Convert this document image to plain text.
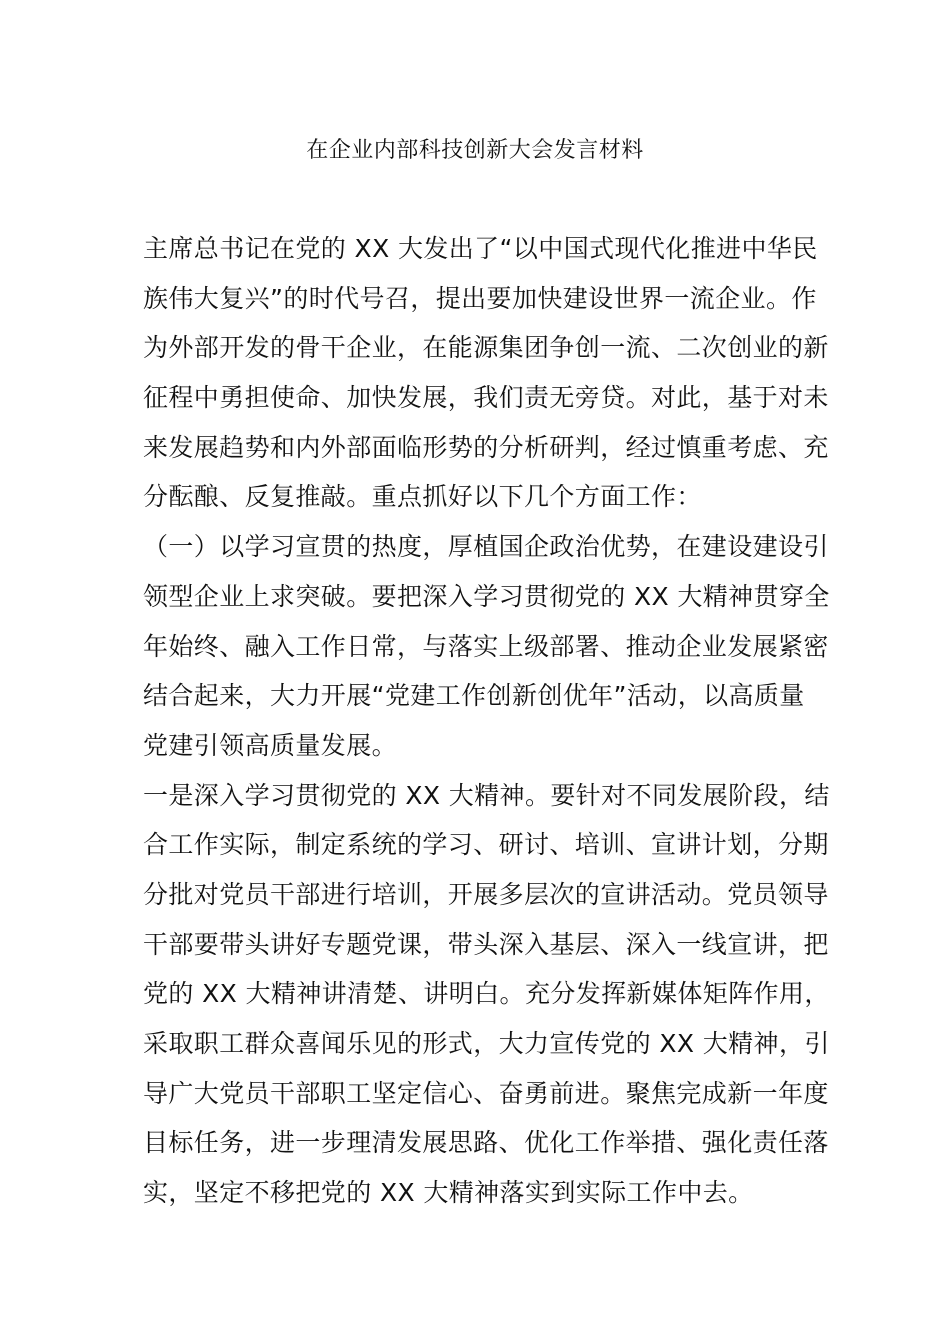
在企业内部科技创新大会发言材料
主席总书记在党的 XX 大发出了“以中国式现代化推进中华民
族伟大复兴”的时代号召，提出要加快建设世界一流企业。作
为外部开发的骨干企业，在能源集团争创一流、二次创业的新
征程中勇担使命、加快发展，我们责无旁贷。对此，基于对未
来发展趋势和内外部面临形势的分析研判，经过慎重考虑、充
分酝酿、反复推敲。重点抓好以下几个方面工作：
（一）以学习宣贯的热度，厚植国企政治优势，在建设建设引
领型企业上求突破。要把深入学习贯彻党的 XX 大精神贯穿全
年始终、融入工作日常，与落实上级部署、推动企业发展紧密
结合起来，大力开展“党建工作创新创优年”活动，以高质量
党建引领高质量发展。
一是深入学习贯彻党的 XX 大精神。要针对不同发展阶段，结
合工作实际，制定系统的学习、研讨、培训、宣讲计划，分期
分批对党员干部进行培训，开展多层次的宣讲活动。党员领导
干部要带头讲好专题党课，带头深入基层、深入一线宣讲，把
党的 XX 大精神讲清楚、讲明白。充分发挥新媒体矩阵作用，
采取职工群众喜闻乐见的形式，大力宣传党的 XX 大精神，引
导广大党员干部职工坚定信心、奋勇前进。聚焦完成新一年度
目标任务，进一步理清发展思路、优化工作举措、强化责任落
实，坚定不移把党的 XX 大精神落实到实际工作中去。
